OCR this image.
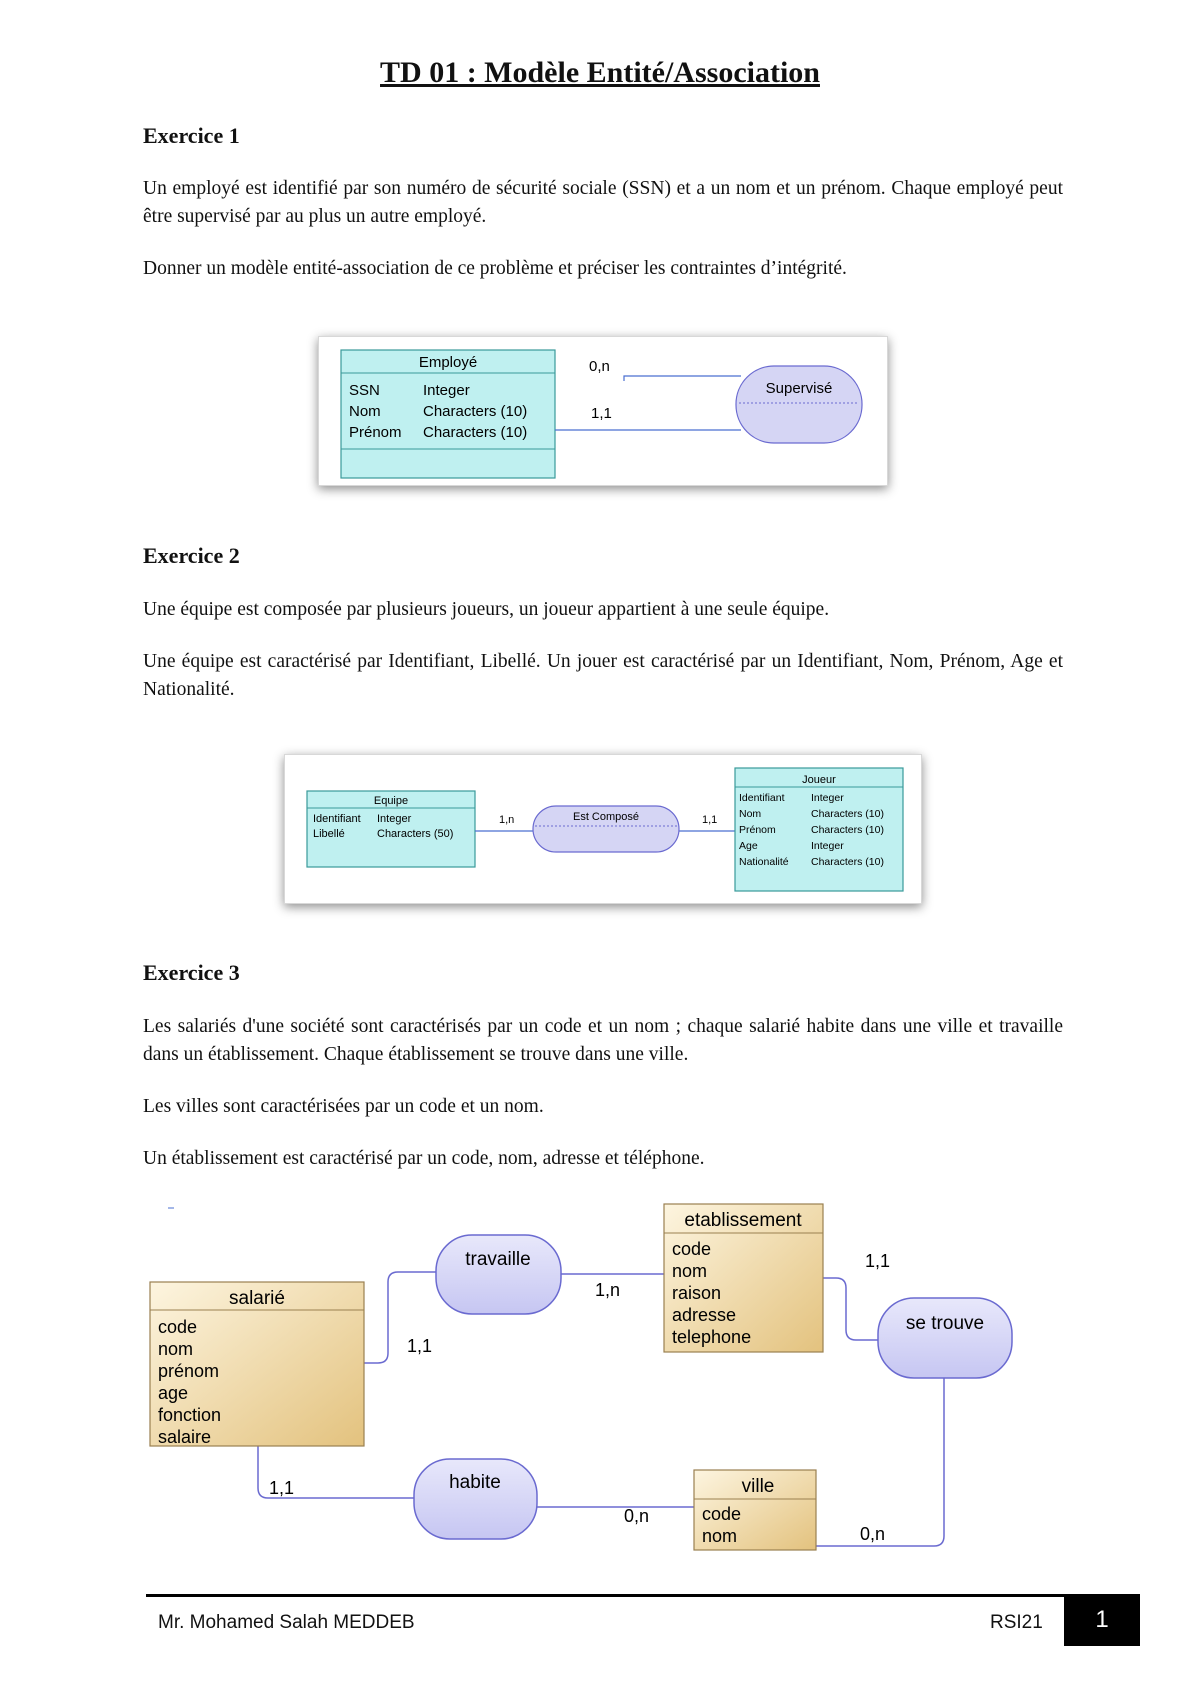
TD 01 : Modèle Entité/Association
Exercice 1
Un employé est identifié par son numéro de sécurité sociale (SSN) et a un nom et un prénom. Chaque employé peut être supervisé par au plus un autre employé.
Donner un modèle entité-association de ce problème et préciser les contraintes d’intégrité.
Employé
SSN	Integer
Nom	Characters (10)
Prénom Characters (10)
0,n
1,1
Supervisé
Exercice 2
Une équipe est composée par plusieurs joueurs, un joueur appartient à une seule équipe.
Une équipe est caractérisé par Identifiant, Libellé. Un jouer est caractérisé par un Identifiant, Nom, Prénom, Age et Nationalité.
Equipe
Identifiant Integer
Libellé	Characters (50)
1,n	1,1
Est Composé
Joueur
Identifiant	Integer
Nom	Characters (10)
Prénom	Characters (10)
Age	Integer
Nationalité Characters (10)
Exercice 3
Les salariés d'une société sont caractérisés par un code et un nom ; chaque salarié habite dans une ville et travaille dans un établissement. Chaque établissement se trouve dans une ville.
Les villes sont caractérisées par un code et un nom.
Un établissement est caractérisé par un code, nom, adresse et téléphone.
salarié
code
nom
prénom
age
fonction
salaire
etablissement
code
nom
raison
adresse
telephone
ville
code
nom
travaille
habite
se trouve
1,1
1,n
1,1
1,1
0,n
0,n
Mr. Mohamed Salah MEDDEB	RSI21	1
